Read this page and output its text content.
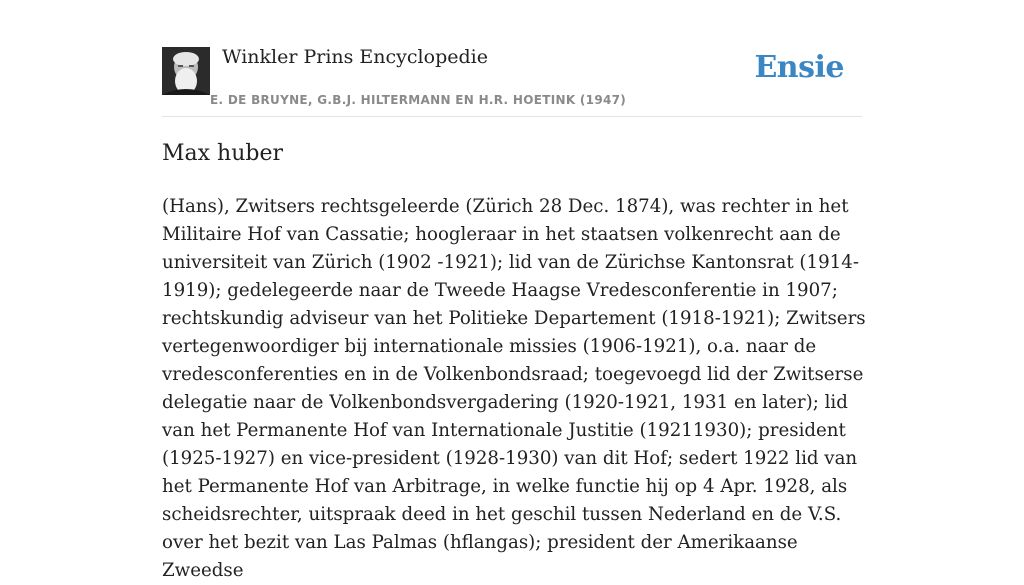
Winkler Prins Encyclopedie
E. DE BRUYNE, G.B.J. HILTERMANN EN H.R. HOETINK (1947)
Ensie
Max huber

(Hans), Zwitsers rechtsgeleerde (Zürich 28 Dec. 1874), was rechter in het Militaire Hof van Cassatie; hoogleraar in het staatsen volkenrecht aan de universiteit van Zürich (1902 -1921); lid van de Zürichse Kantonsrat (1914-1919); gedelegeerde naar de Tweede Haagse Vredesconferentie in 1907; rechtskundig adviseur van het Politieke Departement (1918-1921); Zwitsers vertegenwoordiger bij internationale missies (1906-1921), o.a. naar de vredesconferenties en in de Volkenbondsraad; toegevoegd lid der Zwitserse delegatie naar de Volkenbondsvergadering (1920-1921, 1931 en later); lid van het Permanente Hof van Internationale Justitie (19211930); president (1925-1927) en vice-president (1928-1930) van dit Hof; sedert 1922 lid van het Permanente Hof van Arbitrage, in welke functie hij op 4 Apr. 1928, als scheidsrechter, uitspraak deed in het geschil tussen Nederland en de V.S. over het bezit van Las Palmas (hflangas); president der Amerikaanse Zweedse
